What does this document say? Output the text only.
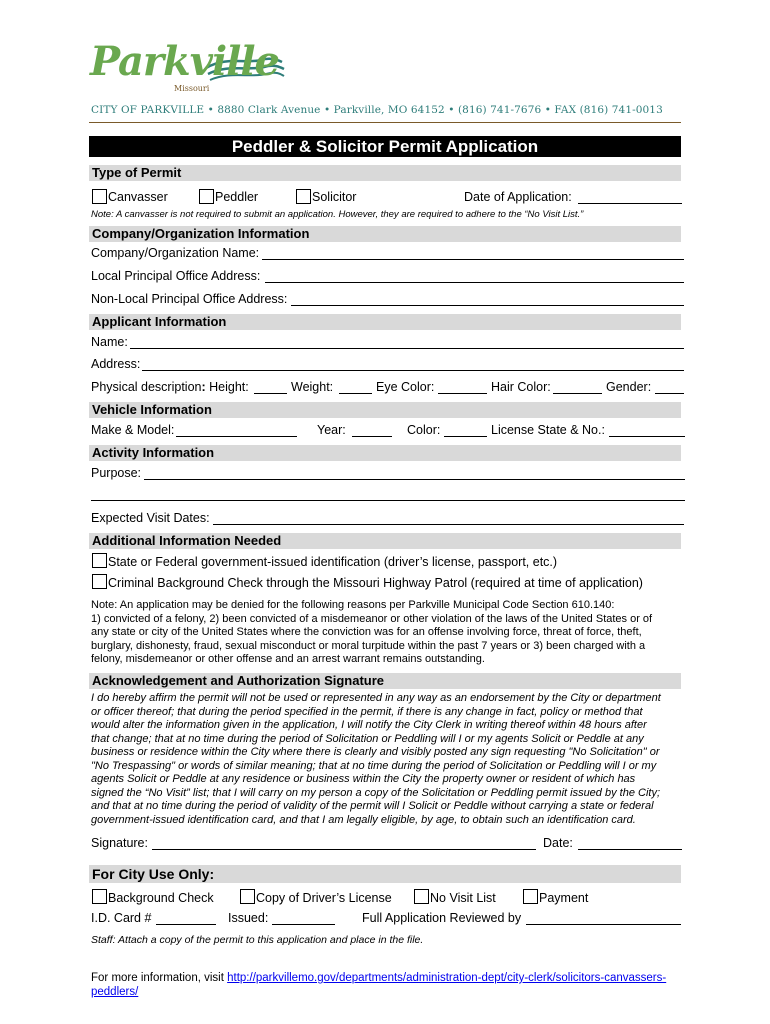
Parkville
Missouri
CITY OF PARKVILLE • 8880 Clark Avenue • Parkville, MO 64152 • (816) 741-7676 • FAX (816) 741-0013
Peddler & Solicitor Permit Application
Type of Permit
Canvasser	Peddler	Solicitor	Date of Application:
Note: A canvasser is not required to submit an application. However, they are required to adhere to the “No Visit List.”
Company/Organization Information
Company/Organization Name:
Local Principal Office Address:
Non-Local Principal Office Address:
Applicant Information
Name:
Address:
Physical description: Height:	Weight:	Eye Color:	Hair Color:	Gender:
Vehicle Information
Make & Model:	Year:	Color:	License State & No.:
Activity Information
Purpose:
Expected Visit Dates:
Additional Information Needed
State or Federal government-issued identification (driver’s license, passport, etc.)
Criminal Background Check through the Missouri Highway Patrol (required at time of application)
Note: An application may be denied for the following reasons per Parkville Municipal Code Section 610.140:
1) convicted of a felony, 2) been convicted of a misdemeanor or other violation of the laws of the United States or of
any state or city of the United States where the conviction was for an offense involving force, threat of force, theft,
burglary, dishonesty, fraud, sexual misconduct or moral turpitude within the past 7 years or 3) been charged with a
felony, misdemeanor or other offense and an arrest warrant remains outstanding.
Acknowledgement and Authorization Signature
I do hereby affirm the permit will not be used or represented in any way as an endorsement by the City or department
or officer thereof; that during the period specified in the permit, if there is any change in fact, policy or method that
would alter the information given in the application, I will notify the City Clerk in writing thereof within 48 hours after
that change; that at no time during the period of Solicitation or Peddling will I or my agents Solicit or Peddle at any
business or residence within the City where there is clearly and visibly posted any sign requesting "No Solicitation" or
"No Trespassing" or words of similar meaning; that at no time during the period of Solicitation or Peddling will I or my
agents Solicit or Peddle at any residence or business within the City the property owner or resident of which has
signed the “No Visit” list; that I will carry on my person a copy of the Solicitation or Peddling permit issued by the City;
and that at no time during the period of validity of the permit will I Solicit or Peddle without carrying a state or federal
government-issued identification card, and that I am legally eligible, by age, to obtain such an identification card.
Signature:	Date:
For City Use Only:
Background Check	Copy of Driver’s License	No Visit List	Payment
I.D. Card #	Issued:	Full Application Reviewed by
Staff: Attach a copy of the permit to this application and place in the file.
For more information, visit http://parkvillemo.gov/departments/administration-dept/city-clerk/solicitors-canvassers-
peddlers/
